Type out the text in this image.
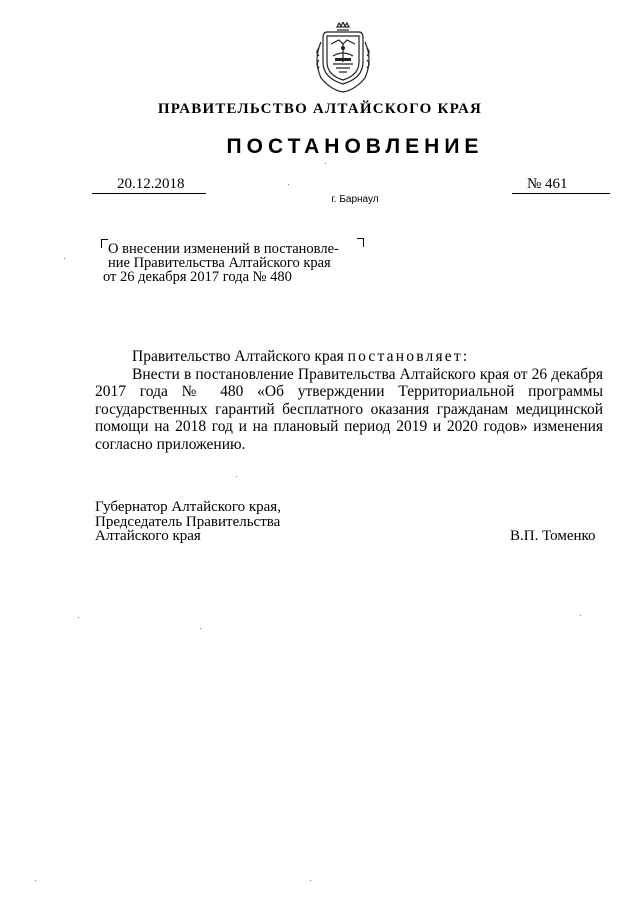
ПРАВИТЕЛЬСТВО АЛТАЙСКОГО КРАЯ
ПОСТАНОВЛЕНИЕ
20.12.2018	№ 461
г. Барнаул
О внесении изменений в постановле-
ние Правительства Алтайского края
от 26 декабря 2017 года № 480

Правительство Алтайского края постановляет:

Внести в постановление Правительства Алтайского края от 26 декабря 2017 года № 480 «Об утверждении Территориальной программы государственных гарантий бесплатного оказания гражданам медицинской помощи на 2018 год и на плановый период 2019 и 2020 годов» изменения согласно приложению.

Губернатор Алтайского края,
Председатель Правительства
Алтайского края	В.П. Томенко
